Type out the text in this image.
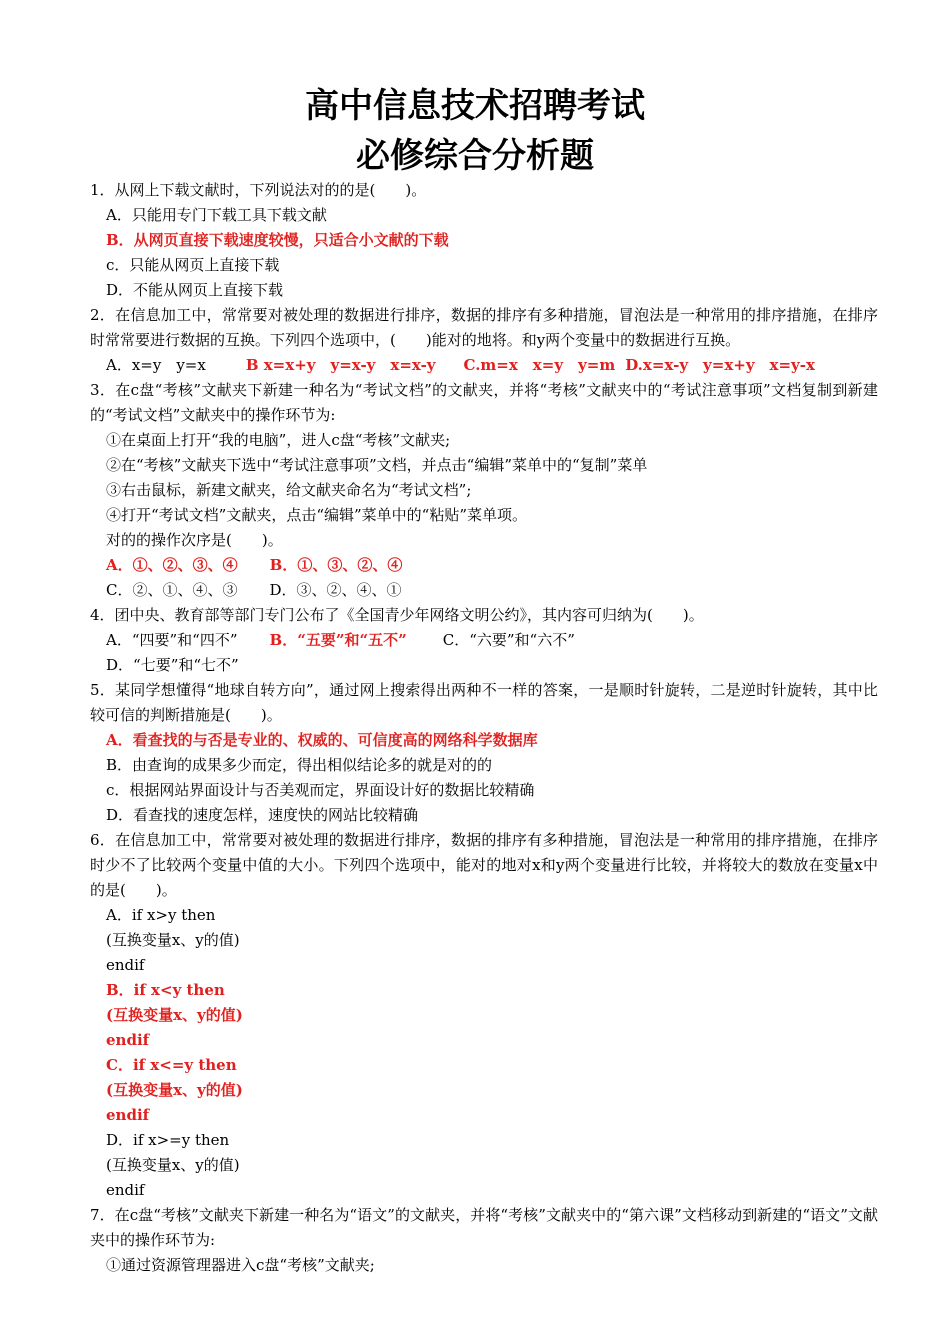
高中信息技术招聘考试
必修综合分析题
1．从网上下载文献时，下列说法对的的是(　　)。
A．只能用专门下载工具下载文献
B．从网页直接下载速度较慢，只适合小文献的下载
c．只能从网页上直接下载
D．不能从网页上直接下载
2．在信息加工中，常常要对被处理的数据进行排序，数据的排序有多种措施，冒泡法是一种常用的排序措施，在排序时常常要进行数据的互换。下列四个选项中，(　　)能对的地将。和y两个变量中的数据进行互换。
A．x=y　y=x	B x=x+y　y=x-y　x=x-y C.m=x　x=y　y=m D.x=x-y　y=x+y　x=y-x
3．在c盘“考核”文献夹下新建一种名为“考试文档”的文献夹，并将“考核”文献夹中的“考试注意事项”文档复制到新建的“考试文档”文献夹中的操作环节为:
①在桌面上打开“我的电脑”，进人c盘“考核”文献夹;
②在“考核”文献夹下选中“考试注意事项”文档，并点击“编辑”菜单中的“复制”菜单
③右击鼠标，新建文献夹，给文献夹命名为“考试文档”;
④打开“考试文档”文献夹，点击“编辑”菜单中的“粘贴”菜单项。
对的的操作次序是(　　)。
A．①、②、③、④ B．①、③、②、④
C．②、①、④、③ D．③、②、④、①
4．团中央、教育部等部门专门公布了《全国青少年网络文明公约》，其内容可归纳为(　　)。
A．“四要”和“四不” B．“五要”和“五不” C．“六要”和“六不”
D．“七要”和“七不”
5．某同学想懂得“地球自转方向”，通过网上搜索得出两种不一样的答案，一是顺时针旋转，二是逆时针旋转，其中比较可信的判断措施是(　　)。
A．看查找的与否是专业的、权威的、可信度高的网络科学数据库
B．由查询的成果多少而定，得出相似结论多的就是对的的
c．根据网站界面设计与否美观而定，界面设计好的数据比较精确
D．看查找的速度怎样，速度快的网站比较精确
6．在信息加工中，常常要对被处理的数据进行排序，数据的排序有多种措施，冒泡法是一种常用的排序措施，在排序时少不了比较两个变量中值的大小。下列四个选项中，能对的地对x和y两个变量进行比较，并将较大的数放在变量x中的是(　　)。
A．if x>y then
(互换变量x、y的值)
endif
B．if x<y then
(互换变量x、y的值)
endif
C．if x<=y then
(互换变量x、y的值)
endif
D．if x>=y then
(互换变量x、y的值)
endif
7．在c盘“考核”文献夹下新建一种名为“语文”的文献夹，并将“考核”文献夹中的“第六课”文档移动到新建的“语文”文献夹中的操作环节为:
①通过资源管理器进入c盘“考核”文献夹;
